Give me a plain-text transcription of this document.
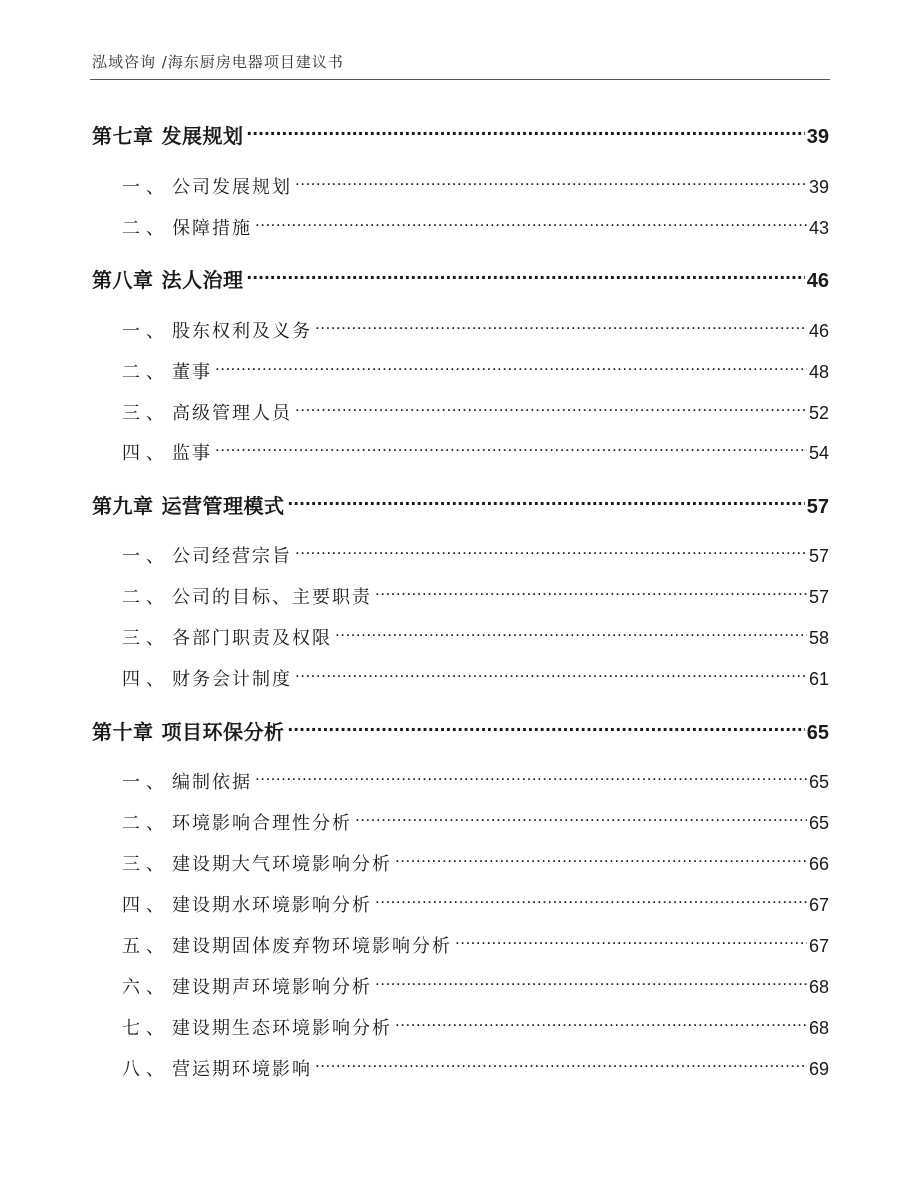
泓域咨询 /海东厨房电器项目建议书
第七章 发展规划 .....	39
一、 公司发展规划 .....	39
二、 保障措施 .....	43
第八章 法人治理 .....	46
一、 股东权利及义务 .....	46
二、 董事 .....	48
三、 高级管理人员 .....	52
四、 监事 .....	54
第九章 运营管理模式 .....	57
一、 公司经营宗旨 .....	57
二、 公司的目标、主要职责 .....	57
三、 各部门职责及权限 .....	58
四、 财务会计制度 .....	61
第十章 项目环保分析 .....	65
一、 编制依据 .....	65
二、 环境影响合理性分析 .....	65
三、 建设期大气环境影响分析 .....	66
四、 建设期水环境影响分析 .....	67
五、 建设期固体废弃物环境影响分析 .....	67
六、 建设期声环境影响分析 .....	68
七、 建设期生态环境影响分析 .....	68
八、 营运期环境影响 .....	69
